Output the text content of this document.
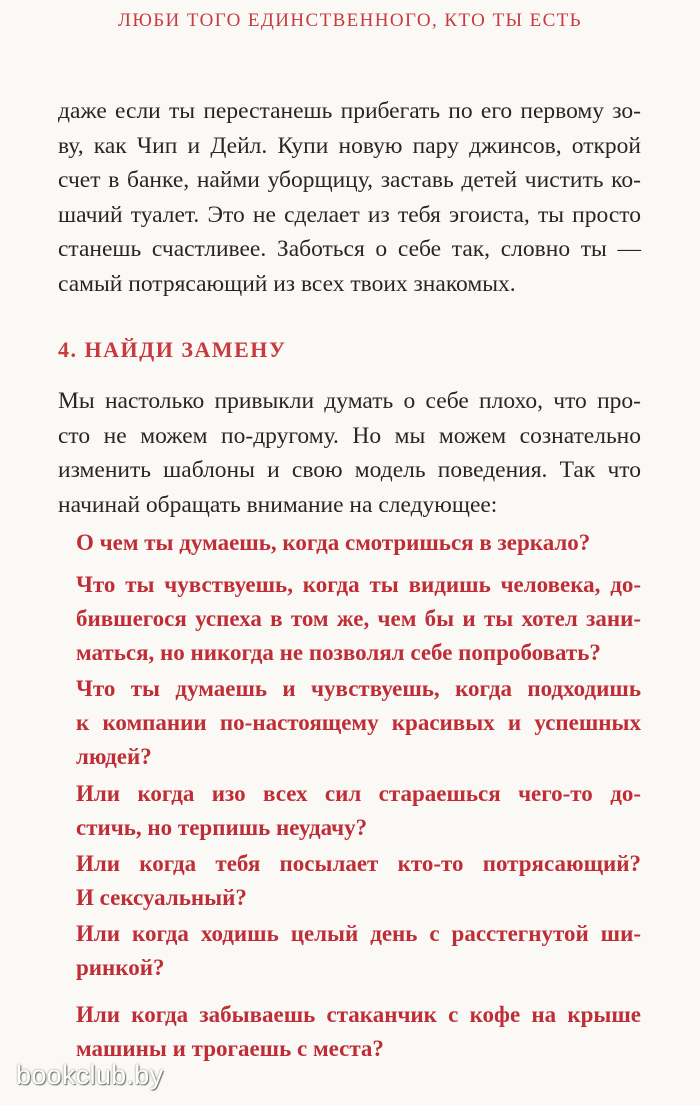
ЛЮБИ ТОГО ЕДИНСТВЕННОГО, КТО ТЫ ЕСТЬ
даже если ты перестанешь прибегать по его первому зо-
ву, как Чип и Дейл. Купи новую пару джинсов, открой
счет в банке, найми уборщицу, заставь детей чистить ко-
шачий туалет. Это не сделает из тебя эгоиста, ты просто
станешь счастливее. Заботься о себе так, словно ты —
самый потрясающий из всех твоих знакомых.
4. НАЙДИ ЗАМЕНУ
Мы настолько привыкли думать о себе плохо, что про-
сто не можем по-другому. Но мы можем сознательно
изменить шаблоны и свою модель поведения. Так что
начинай обращать внимание на следующее:
О чем ты думаешь, когда смотришься в зеркало?
Что ты чувствуешь, когда ты видишь человека, до-
бившегося успеха в том же, чем бы и ты хотел зани-
маться, но никогда не позволял себе попробовать?
Что ты думаешь и чувствуешь, когда подходишь
к компании по-настоящему красивых и успешных
людей?
Или когда изо всех сил стараешься чего-то до-
стичь, но терпишь неудачу?
Или когда тебя посылает кто-то потрясающий?
И сексуальный?
Или когда ходишь целый день с расстегнутой ши-
ринкой?
Или когда забываешь стаканчик с кофе на крыше
машины и трогаешь с места?
bookclub.by
